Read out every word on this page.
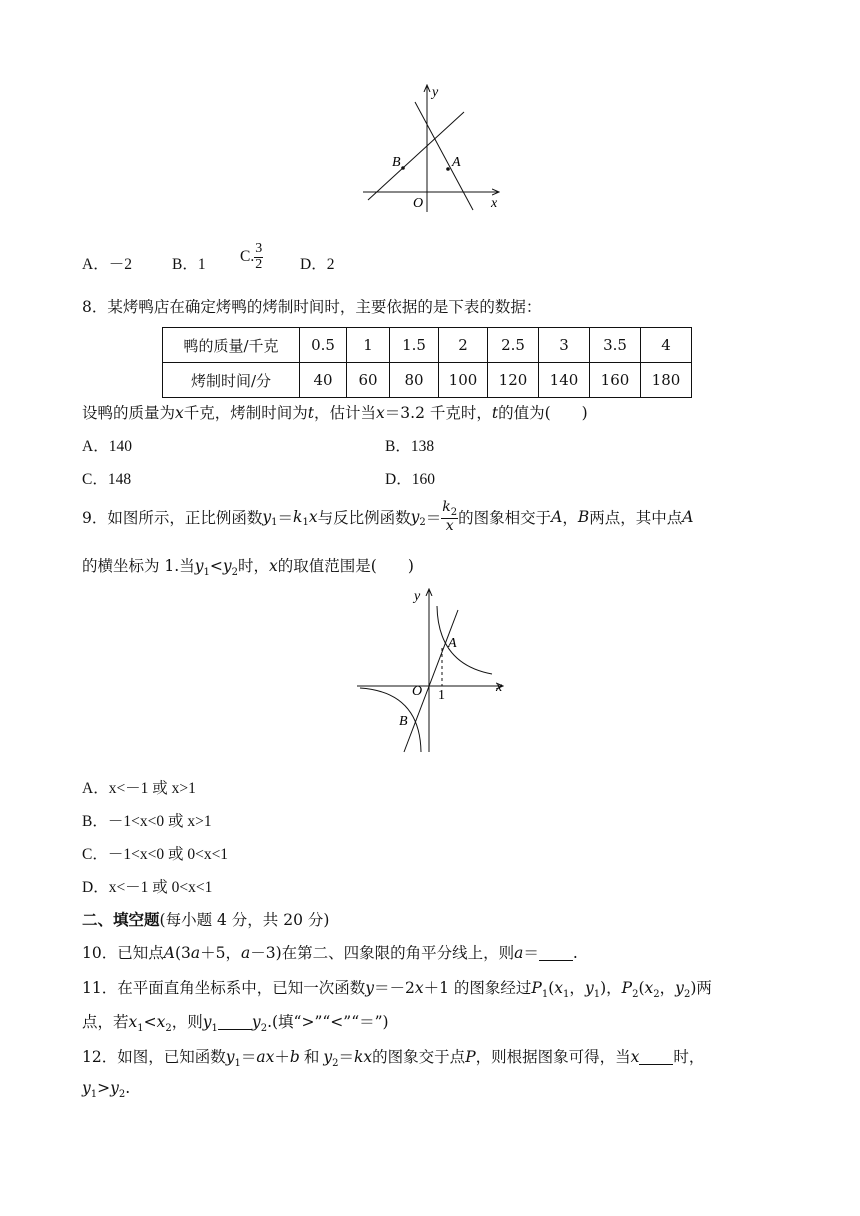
y
x
O
B	A
A．－2	B．1 C. $\frac{3}{2}$ D．2
8．某烤鸭店在确定烤鸭的烤制时间时，主要依据的是下表的数据：
鸭的质量/千克	0.5	1	1.5	2	2.5	3	3.5	4
烤制时间/分	40	60	80	100	120	140	160	180
设鸭的质量为x千克，烤制时间为t，估计当x＝3.2 千克时，t的值为(　　)
A．140	B．138
C．148	D．160
9．如图所示，正比例函数$y_1=k_1x$与反比例函数$y_2= \frac{k_2}{x}$的图象相交于A，B两点，其中点A
的横坐标为 1.当$y_1<y_2$时，x的取值范围是(　　)
y
x
O 1
A
B
A．x<－1 或 x>1
B．－1<x<0 或 x>1
C．－1<x<0 或 0<x<1
D．x<－1 或 0<x<1
二、填空题(每小题 4 分，共 20 分)
10．已知点A(3a＋5，a－3)在第二、四象限的角平分线上，则a＝ .
11．在平面直角坐标系中，已知一次函数y＝－2x＋1 的图象经过$P_1(x_1$，$y_1$)，$P_2(x_2$，$y_2$)两
点，若$x_1<x_2$，则$y_1$ $y_2$.(填“>”“<”“＝”)
12．如图，已知函数$y_1=ax+b$ 和 $y_2=kx$的图象交于点P，则根据图象可得，当x 时，
$y_1>y_2$.
